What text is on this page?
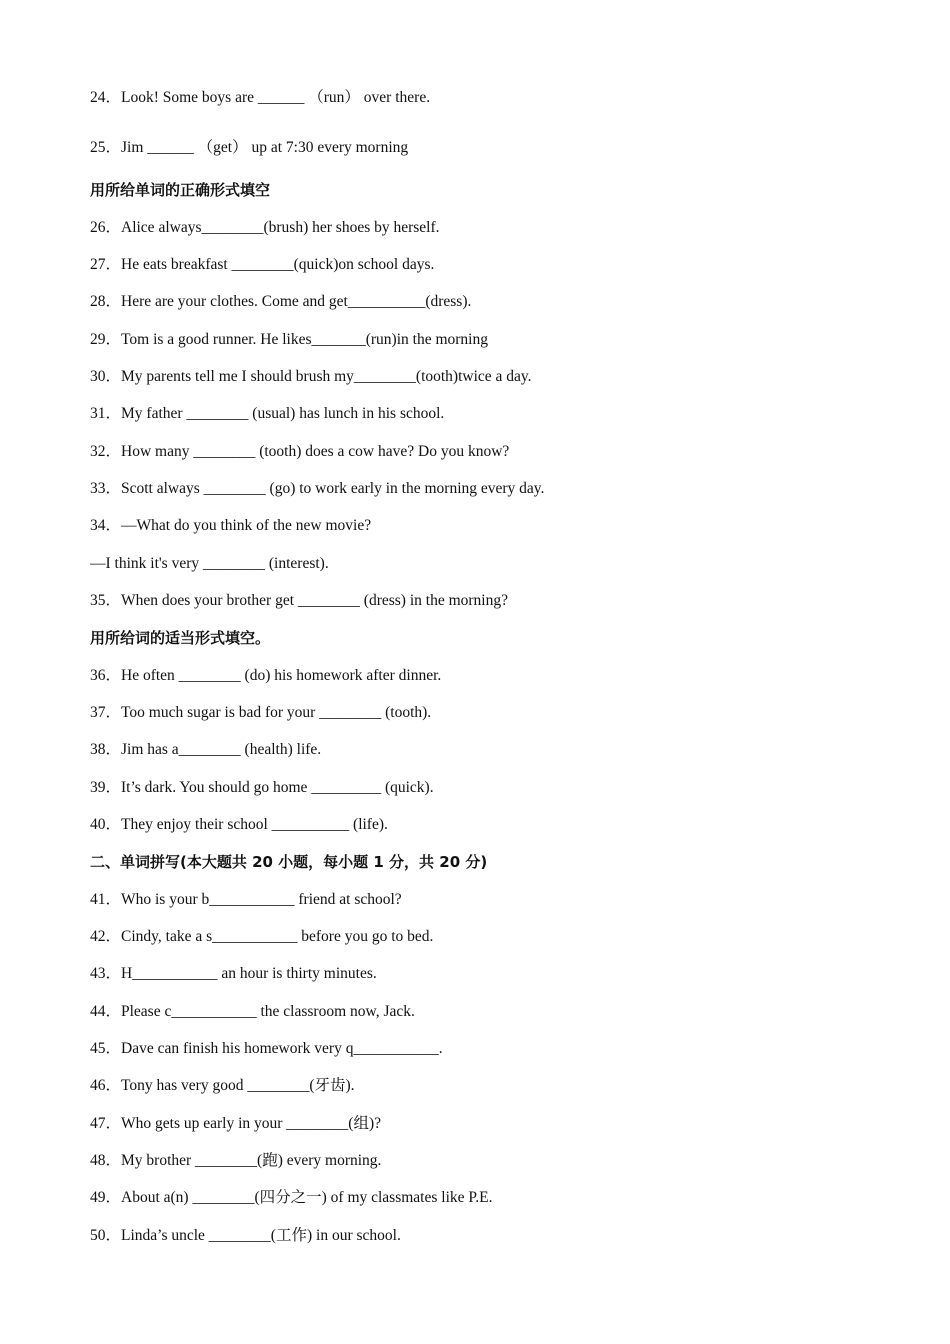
24．Look! Some boys are ______ （run） over there.
25．Jim ______ （get） up at 7:30 every morning
用所给单词的正确形式填空
26．Alice always________(brush) her shoes by herself.
27．He eats breakfast ________(quick)on school days.
28．Here are your clothes. Come and get__________(dress).
29．Tom is a good runner. He likes_______(run)in the morning
30．My parents tell me I should brush my________(tooth)twice a day.
31．My father ________ (usual) has lunch in his school.
32．How many ________ (tooth) does a cow have? Do you know?
33．Scott always ________ (go) to work early in the morning every day.
34．—What do you think of the new movie?
—I think it's very ________ (interest).
35．When does your brother get ________ (dress) in the morning?
用所给词的适当形式填空。
36．He often ________ (do) his homework after dinner.
37．Too much sugar is bad for your ________ (tooth).
38．Jim has a________ (health) life.
39．It’s dark. You should go home _________ (quick).
40．They enjoy their school __________ (life).
二、单词拼写(本大题共 20 小题，每小题 1 分，共 20 分)
41．Who is your b___________ friend at school?
42．Cindy, take a s___________ before you go to bed.
43．H___________ an hour is thirty minutes.
44．Please c___________ the classroom now, Jack.
45．Dave can finish his homework very q___________.
46．Tony has very good ________(牙齿).
47．Who gets up early in your ________(组)?
48．My brother ________(跑) every morning.
49．About a(n) ________(四分之一) of my classmates like P.E.
50．Linda’s uncle ________(工作) in our school.
